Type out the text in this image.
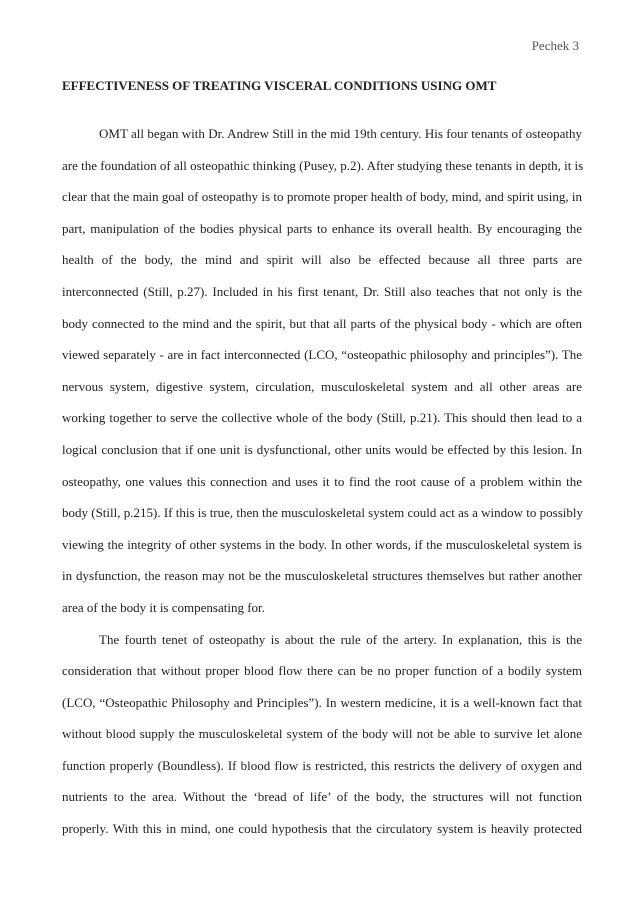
Pechek 3
EFFECTIVENESS OF TREATING VISCERAL CONDITIONS USING OMT
OMT all began with Dr. Andrew Still in the mid 19th century. His four tenants of osteopathy
are the foundation of all osteopathic thinking (Pusey, p.2). After studying these tenants in depth, it is
clear that the main goal of osteopathy is to promote proper health of body, mind, and spirit using, in
part, manipulation of the bodies physical parts to enhance its overall health. By encouraging the
health of the body, the mind and spirit will also be effected because all three parts are
interconnected (Still, p.27). Included in his first tenant, Dr. Still also teaches that not only is the
body connected to the mind and the spirit, but that all parts of the physical body - which are often
viewed separately - are in fact interconnected (LCO, “osteopathic philosophy and principles”). The
nervous system, digestive system, circulation, musculoskeletal system and all other areas are
working together to serve the collective whole of the body (Still, p.21). This should then lead to a
logical conclusion that if one unit is dysfunctional, other units would be effected by this lesion. In
osteopathy, one values this connection and uses it to find the root cause of a problem within the
body (Still, p.215). If this is true, then the musculoskeletal system could act as a window to possibly
viewing the integrity of other systems in the body. In other words, if the musculoskeletal system is
in dysfunction, the reason may not be the musculoskeletal structures themselves but rather another
area of the body it is compensating for.
The fourth tenet of osteopathy is about the rule of the artery. In explanation, this is the
consideration that without proper blood flow there can be no proper function of a bodily system
(LCO, “Osteopathic Philosophy and Principles”). In western medicine, it is a well-known fact that
without blood supply the musculoskeletal system of the body will not be able to survive let alone
function properly (Boundless). If blood flow is restricted, this restricts the delivery of oxygen and
nutrients to the area. Without the ‘bread of life’ of the body, the structures will not function
properly. With this in mind, one could hypothesis that the circulatory system is heavily protected
